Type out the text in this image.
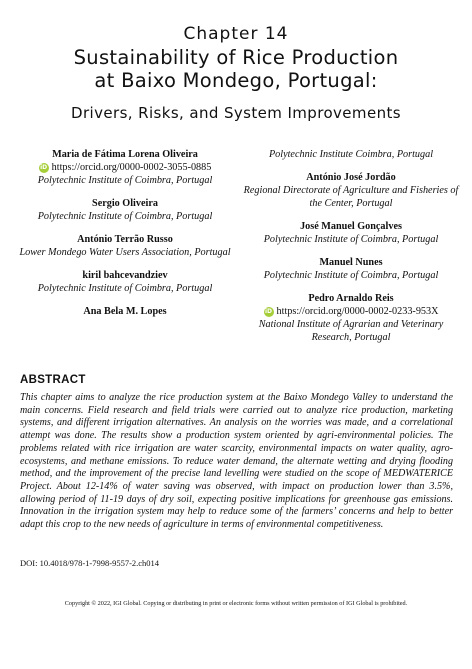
Chapter 14
Sustainability of Rice Production
at Baixo Mondego, Portugal:
Drivers, Risks, and System Improvements
Maria de Fátima Lorena Oliveira
iD https://orcid.org/0000-0002-3055-0885
Polytechnic Institute of Coimbra, Portugal
Sergio Oliveira
Polytechnic Institute of Coimbra, Portugal
António Terrão Russo
Lower Mondego Water Users Association, Portugal
kiril bahcevandziev
Polytechnic Institute of Coimbra, Portugal
Ana Bela M. Lopes
Polytechnic Institute Coimbra, Portugal
António José Jordão
Regional Directorate of Agriculture and Fisheries of the Center, Portugal
José Manuel Gonçalves
Polytechnic Institute of Coimbra, Portugal
Manuel Nunes
Polytechnic Institute of Coimbra, Portugal
Pedro Arnaldo Reis
iD https://orcid.org/0000-0002-0233-953X
National Institute of Agrarian and Veterinary Research, Portugal
ABSTRACT
This chapter aims to analyze the rice production system at the Baixo Mondego Valley to understand the main concerns. Field research and field trials were carried out to analyze rice production, marketing systems, and different irrigation alternatives. An analysis on the worries was made, and a correlational attempt was done. The results show a production system oriented by agri-environmental policies. The problems related with rice irrigation are water scarcity, environmental impacts on water quality, agro-ecosystems, and methane emissions. To reduce water demand, the alternate wetting and drying flooding method, and the improvement of the precise land levelling were studied on the scope of MEDWATERICE Project. About 12-14% of water saving was observed, with impact on production lower than 3.5%, allowing period of 11-19 days of dry soil, expecting positive implications for greenhouse gas emissions. Innovation in the irrigation system may help to reduce some of the farmers’ concerns and help to better adapt this crop to the new needs of agriculture in terms of environmental competitiveness.
DOI: 10.4018/978-1-7998-9557-2.ch014
Copyright © 2022, IGI Global. Copying or distributing in print or electronic forms without written permission of IGI Global is prohibited.
